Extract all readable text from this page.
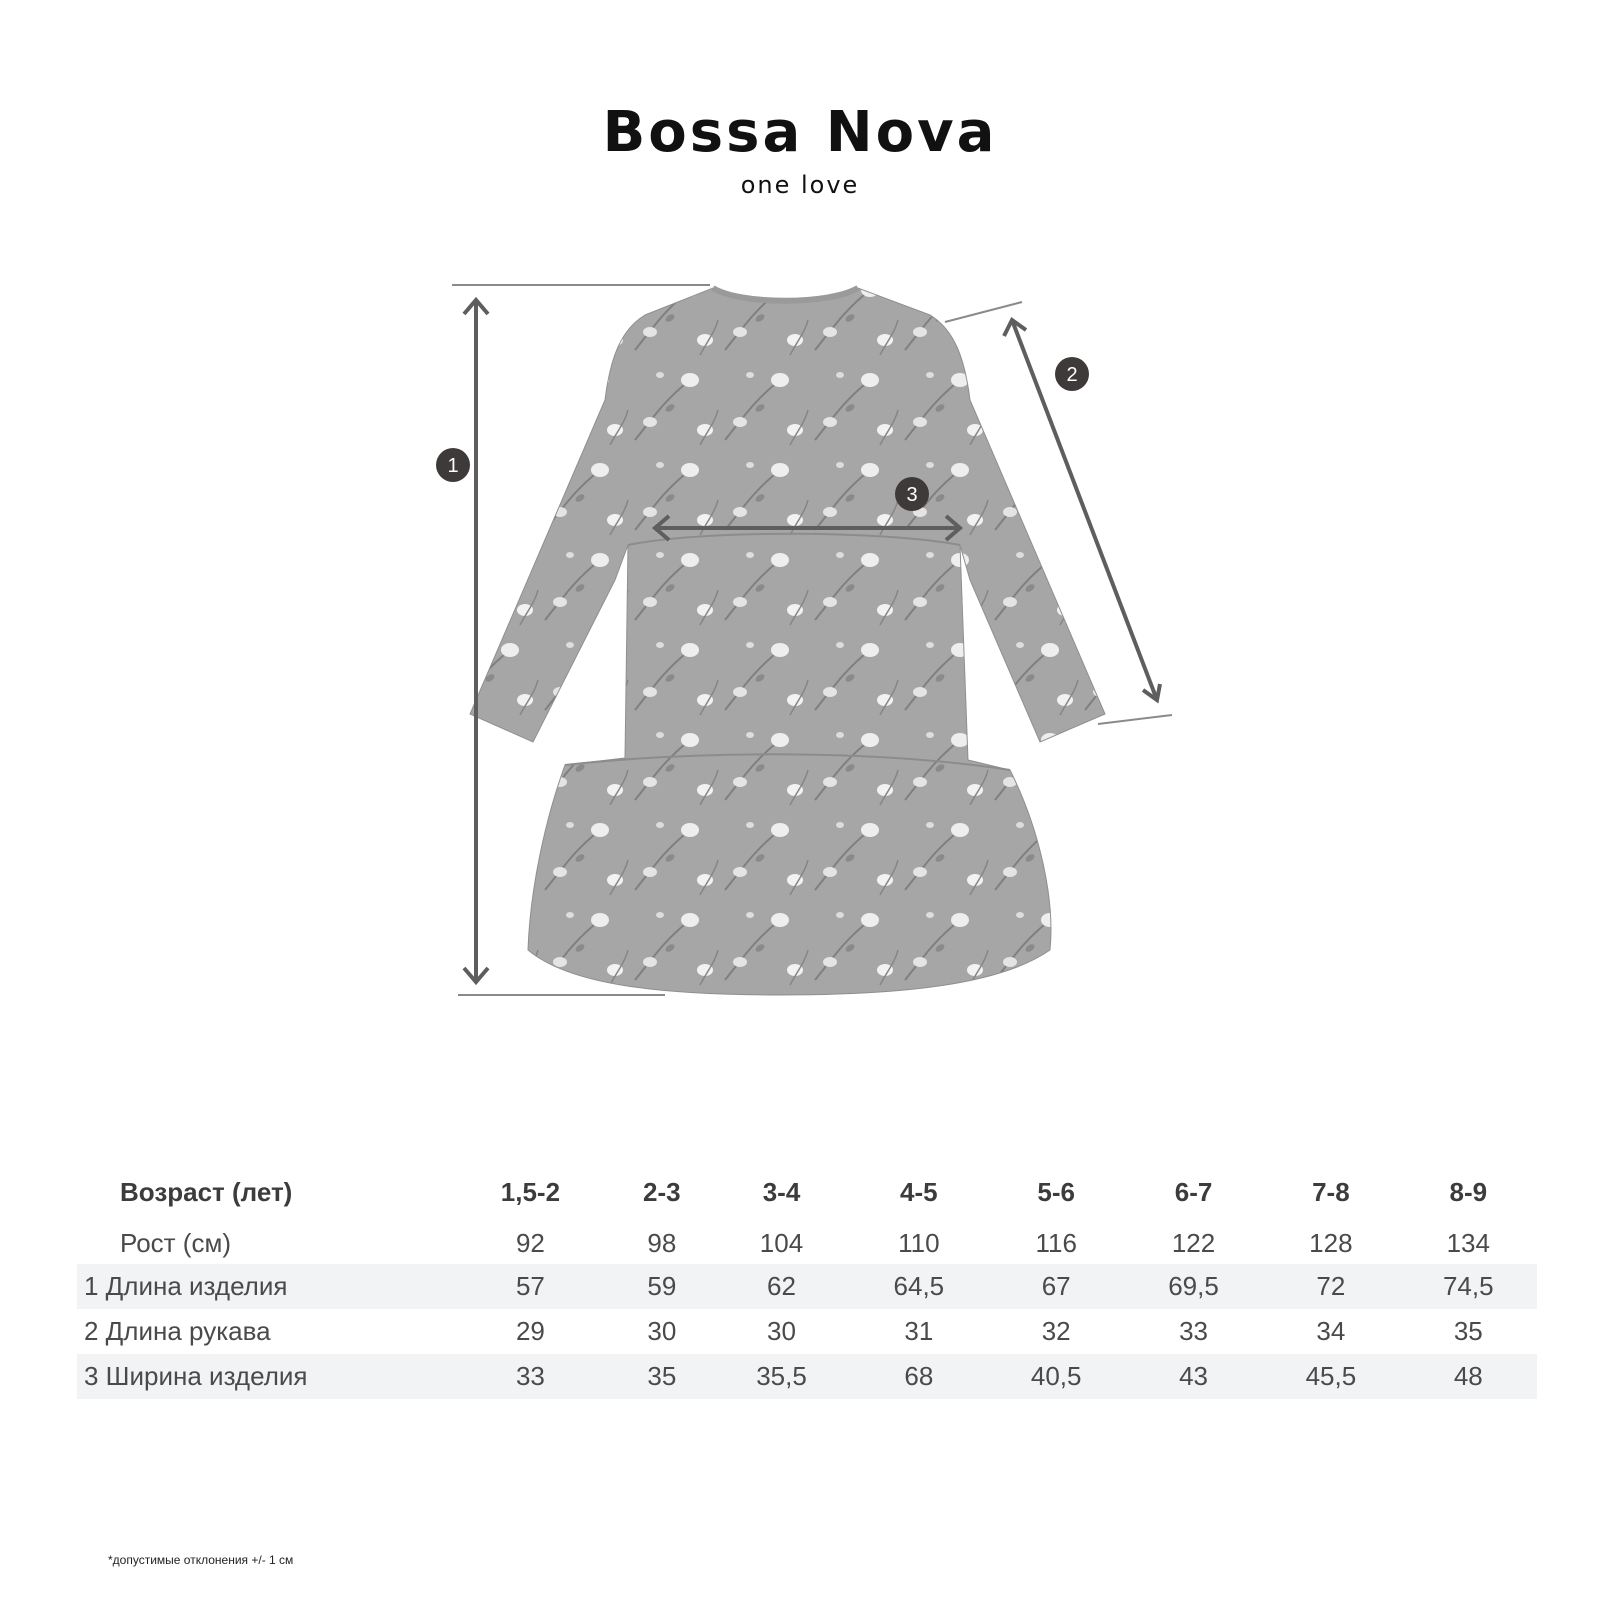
Bossa Nova
one love
1
2
3
Возраст (лет)	1,5-2	2-3	3-4	4-5	5-6	6-7	7-8	8-9
Рост (см)	92	98	104	110	116	122	128	134
1 Длина изделия	57	59	62	64,5	67	69,5	72	74,5
2 Длина рукава	29	30	30	31	32	33	34	35
3 Ширина изделия	33	35	35,5	68	40,5	43	45,5	48
*допустимые отклонения +/- 1 см
